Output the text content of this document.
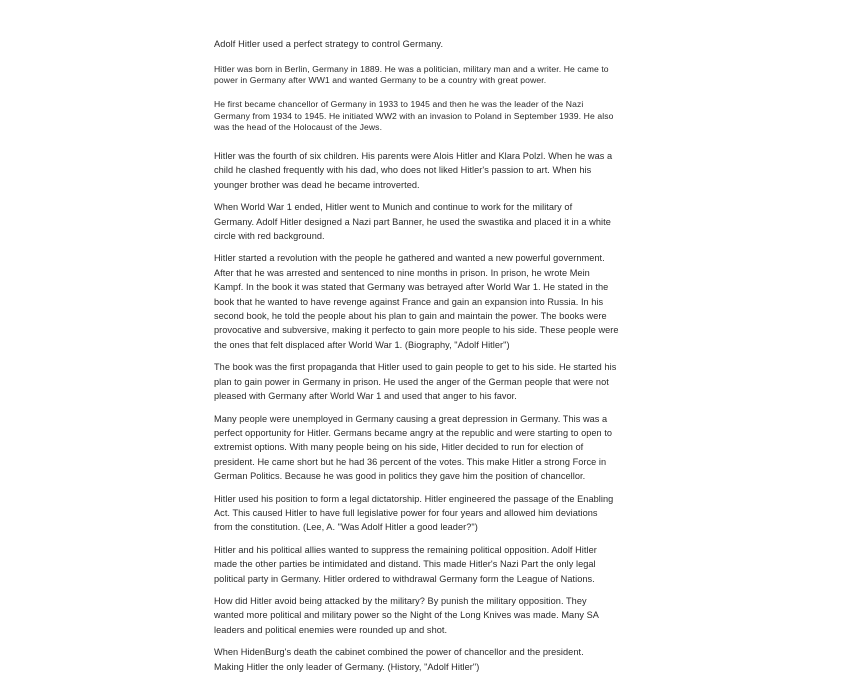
Adolf Hitler used a perfect strategy to control Germany.

Hitler was born in Berlin, Germany in 1889. He was a politician, military man and a writer. He came to
power in Germany after WW1 and wanted Germany to be a country with great power.

He first became chancellor of Germany in 1933 to 1945 and then he was the leader of the Nazi
Germany from 1934 to 1945. He initiated WW2 with an invasion to Poland in September 1939. He also
was the head of the Holocaust of the Jews.

Hitler was the fourth of six children. His parents were Alois Hitler and Klara Polzl. When he was a
child he clashed frequently with his dad, who does not liked Hitler's passion to art. When his
younger brother was dead he became introverted.

When World War 1 ended, Hitler went to Munich and continue to work for the military of
Germany. Adolf Hitler designed a Nazi part Banner, he used the swastika and placed it in a white
circle with red background.

Hitler started a revolution with the people he gathered and wanted a new powerful government.
After that he was arrested and sentenced to nine months in prison. In prison, he wrote Mein
Kampf. In the book it was stated that Germany was betrayed after World War 1. He stated in the
book that he wanted to have revenge against France and gain an expansion into Russia. In his
second book, he told the people about his plan to gain and maintain the power. The books were
provocative and subversive, making it perfecto to gain more people to his side. These people were
the ones that felt displaced after World War 1. (Biography, "Adolf Hitler")

The book was the first propaganda that Hitler used to gain people to get to his side. He started his
plan to gain power in Germany in prison. He used the anger of the German people that were not
pleased with Germany after World War 1 and used that anger to his favor.

Many people were unemployed in Germany causing a great depression in Germany. This was a
perfect opportunity for Hitler. Germans became angry at the republic and were starting to open to
extremist options. With many people being on his side, Hitler decided to run for election of
president. He came short but he had 36 percent of the votes. This make Hitler a strong Force in
German Politics. Because he was good in politics they gave him the position of chancellor.

Hitler used his position to form a legal dictatorship. Hitler engineered the passage of the Enabling
Act. This caused Hitler to have full legislative power for four years and allowed him deviations
from the constitution. (Lee, A. "Was Adolf Hitler a good leader?")

Hitler and his political allies wanted to suppress the remaining political opposition. Adolf Hitler
made the other parties be intimidated and distand. This made Hitler's Nazi Part the only legal
political party in Germany. Hitler ordered to withdrawal Germany form the League of Nations.

How did Hitler avoid being attacked by the military? By punish the military opposition. They
wanted more political and military power so the Night of the Long Knives was made. Many SA
leaders and political enemies were rounded up and shot.

When HidenBurg's death the cabinet combined the power of chancellor and the president.
Making Hitler the only leader of Germany. (History, "Adolf Hitler")
